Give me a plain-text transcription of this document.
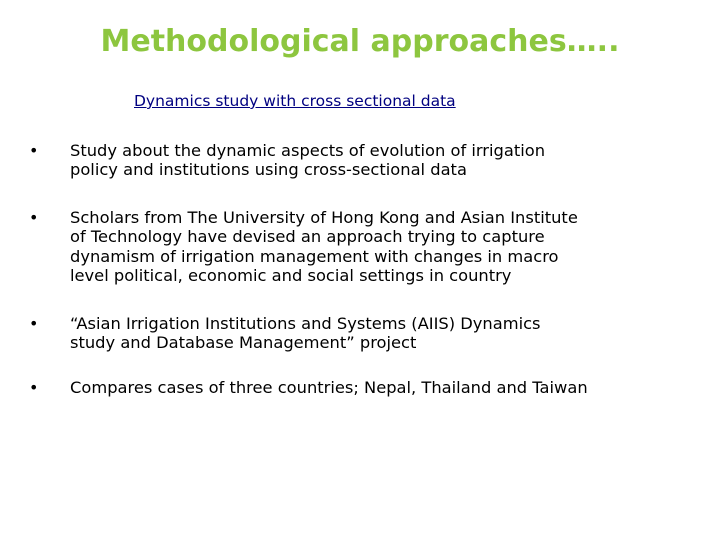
Methodological approaches…..
Dynamics study with cross sectional data
• Study about the dynamic aspects of evolution of irrigation
policy and institutions using cross-sectional data
• Scholars from The University of Hong Kong and Asian Institute
of Technology have devised an approach trying to capture
dynamism of irrigation management with changes in macro
level political, economic and social settings in country
• “Asian Irrigation Institutions and Systems (AIIS) Dynamics
study and Database Management” project
• Compares cases of three countries; Nepal, Thailand and Taiwan
